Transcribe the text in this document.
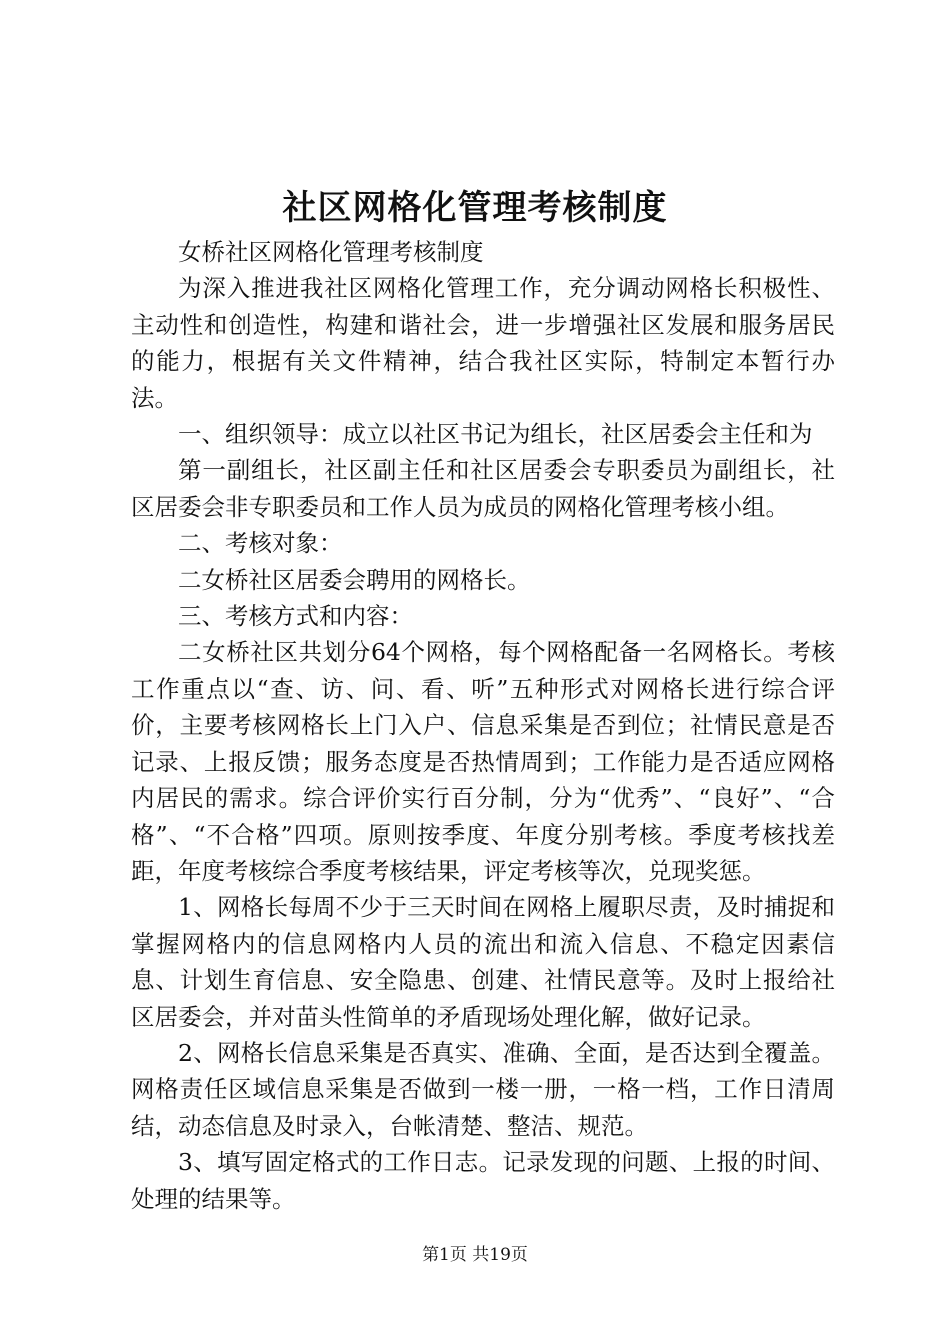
社区网格化管理考核制度

女桥社区网格化管理考核制度

为深入推进我社区网格化管理工作，充分调动网格长积极性、主动性和创造性，构建和谐社会，进一步增强社区发展和服务居民的能力，根据有关文件精神，结合我社区实际，特制定本暂行办法。

一、组织领导：成立以社区书记为组长，社区居委会主任和为

第一副组长，社区副主任和社区居委会专职委员为副组长，社区居委会非专职委员和工作人员为成员的网格化管理考核小组。

二、考核对象：

二女桥社区居委会聘用的网格长。

三、考核方式和内容：

二女桥社区共划分64个网格，每个网格配备一名网格长。考核工作重点以“查、访、问、看、听”五种形式对网格长进行综合评价，主要考核网格长上门入户、信息采集是否到位；社情民意是否记录、上报反馈；服务态度是否热情周到；工作能力是否适应网格内居民的需求。综合评价实行百分制，分为“优秀”、“良好”、“合格”、“不合格”四项。原则按季度、年度分别考核。季度考核找差距，年度考核综合季度考核结果，评定考核等次，兑现奖惩。

1、网格长每周不少于三天时间在网格上履职尽责，及时捕捉和掌握网格内的信息网格内人员的流出和流入信息、不稳定因素信息、计划生育信息、安全隐患、创建、社情民意等。及时上报给社区居委会，并对苗头性简单的矛盾现场处理化解，做好记录。

2、网格长信息采集是否真实、准确、全面，是否达到全覆盖。网格责任区域信息采集是否做到一楼一册，一格一档，工作日清周结，动态信息及时录入，台帐清楚、整洁、规范。

3、填写固定格式的工作日志。记录发现的问题、上报的时间、处理的结果等。

第1页 共19页
